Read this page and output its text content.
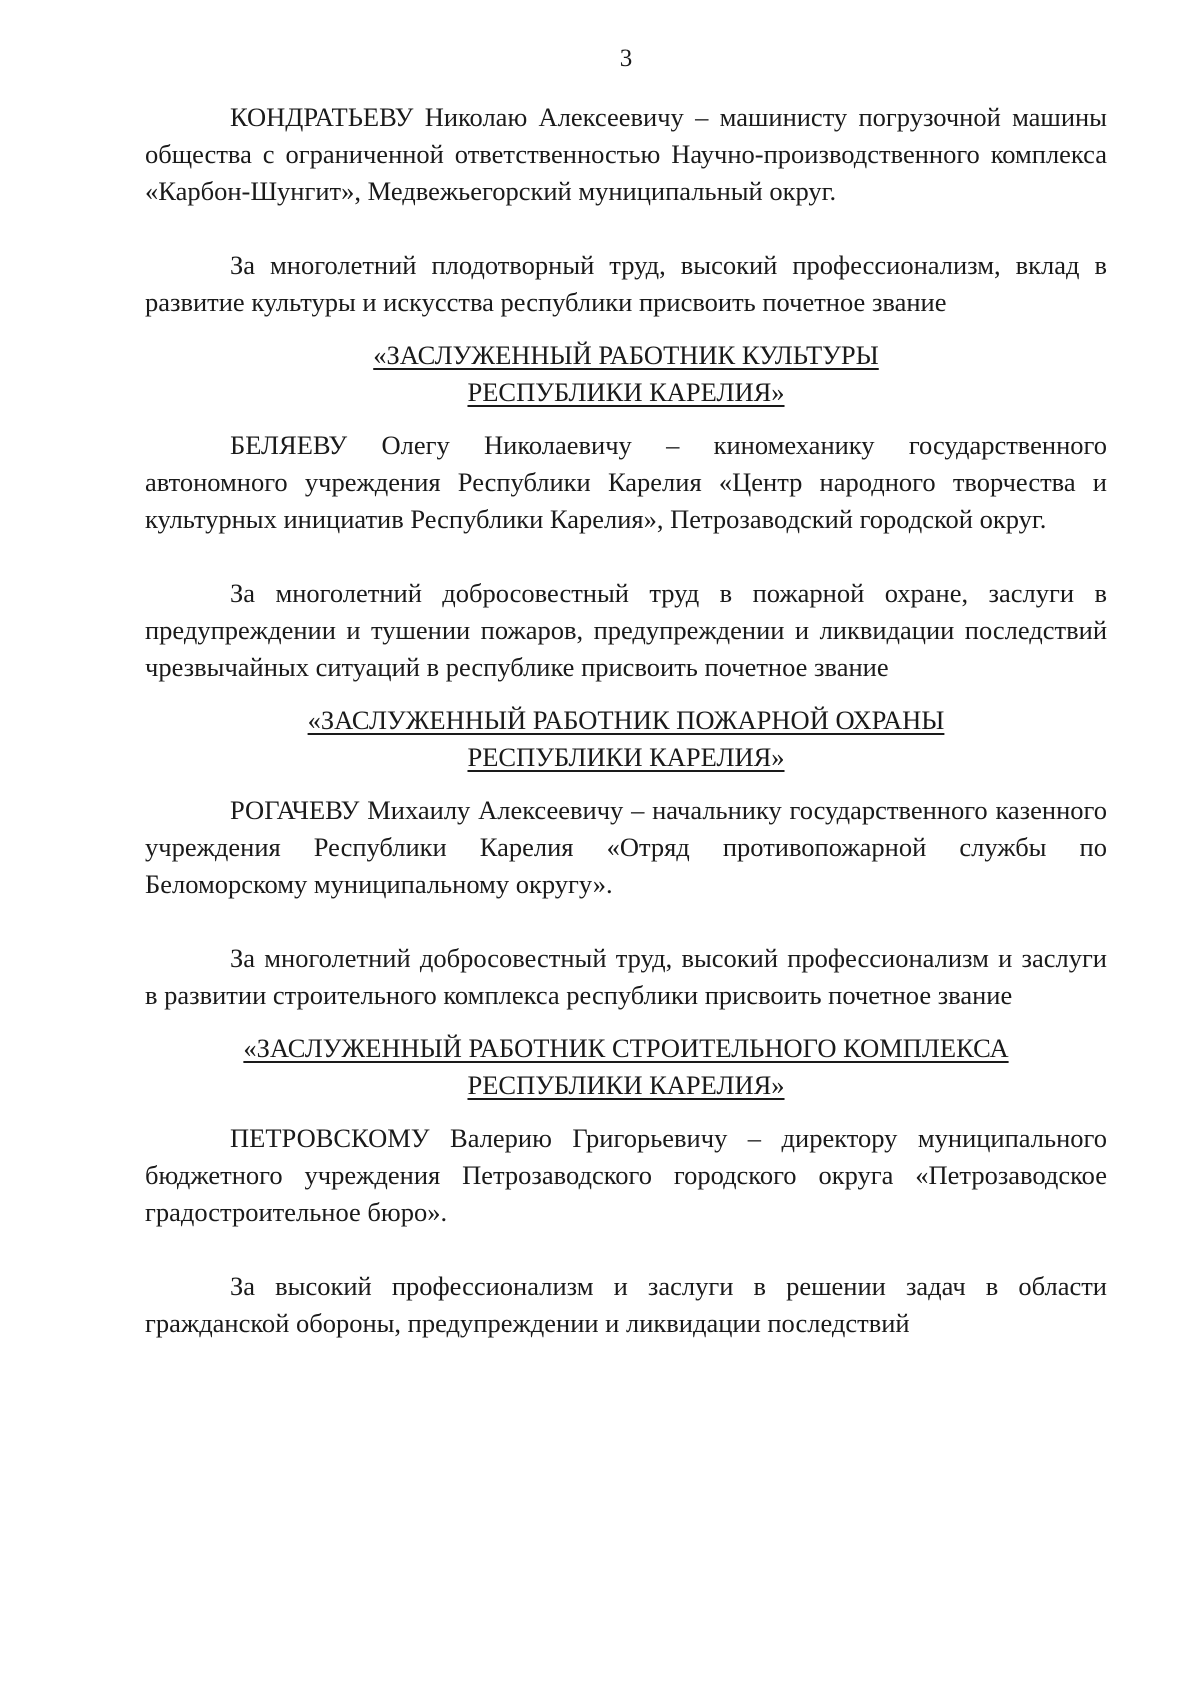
3

КОНДРАТЬЕВУ Николаю Алексеевичу – машинисту погрузочной машины общества с ограниченной ответственностью Научно-производственного комплекса «Карбон-Шунгит», Медвежьегорский муниципальный округ.

За многолетний плодотворный труд, высокий профессионализм, вклад в развитие культуры и искусства республики присвоить почетное звание

«ЗАСЛУЖЕННЫЙ РАБОТНИК КУЛЬТУРЫ
РЕСПУБЛИКИ КАРЕЛИЯ»

БЕЛЯЕВУ Олегу Николаевичу – киномеханику государственного автономного учреждения Республики Карелия «Центр народного творчества и культурных инициатив Республики Карелия», Петрозаводский городской округ.

За многолетний добросовестный труд в пожарной охране, заслуги в предупреждении и тушении пожаров, предупреждении и ликвидации последствий чрезвычайных ситуаций в республике присвоить почетное звание

«ЗАСЛУЖЕННЫЙ РАБОТНИК ПОЖАРНОЙ ОХРАНЫ
РЕСПУБЛИКИ КАРЕЛИЯ»

РОГАЧЕВУ Михаилу Алексеевичу – начальнику государственного казенного учреждения Республики Карелия «Отряд противопожарной службы по Беломорскому муниципальному округу».

За многолетний добросовестный труд, высокий профессионализм и заслуги в развитии строительного комплекса республики присвоить почетное звание

«ЗАСЛУЖЕННЫЙ РАБОТНИК СТРОИТЕЛЬНОГО КОМПЛЕКСА
РЕСПУБЛИКИ КАРЕЛИЯ»

ПЕТРОВСКОМУ Валерию Григорьевичу – директору муниципального бюджетного учреждения Петрозаводского городского округа «Петрозаводское градостроительное бюро».

За высокий профессионализм и заслуги в решении задач в области гражданской обороны, предупреждении и ликвидации последствий
